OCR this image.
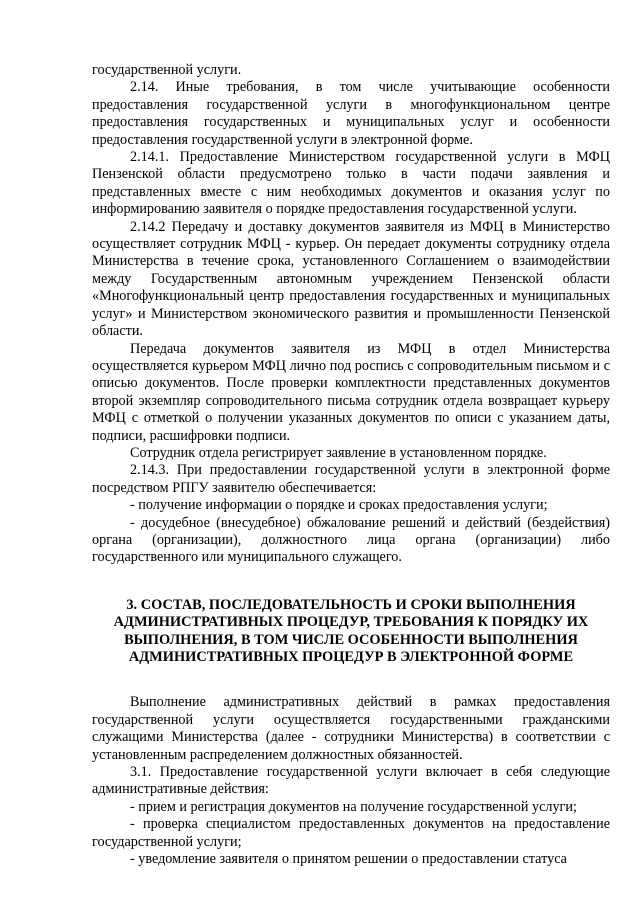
государственной услуги.

2.14. Иные требования, в том числе учитывающие особенности предоставления государственной услуги в многофункциональном центре предоставления государственных и муниципальных услуг и особенности предоставления государственной услуги в электронной форме.

2.14.1. Предоставление Министерством государственной услуги в МФЦ Пензенской области предусмотрено только в части подачи заявления и представленных вместе с ним необходимых документов и оказания услуг по информированию заявителя о порядке предоставления государственной услуги.

2.14.2 Передачу и доставку документов заявителя из МФЦ в Министерство осуществляет сотрудник МФЦ - курьер. Он передает документы сотруднику отдела Министерства в течение срока, установленного Соглашением о взаимодействии между Государственным автономным учреждением Пензенской области «Многофункциональный центр предоставления государственных и муниципальных услуг» и Министерством экономического развития и промышленности Пензенской области.

Передача документов заявителя из МФЦ в отдел Министерства осуществляется курьером МФЦ лично под роспись с сопроводительным письмом и с описью документов. После проверки комплектности представленных документов второй экземпляр сопроводительного письма сотрудник отдела возвращает курьеру МФЦ с отметкой о получении указанных документов по описи с указанием даты, подписи, расшифровки подписи.

Сотрудник отдела регистрирует заявление в установленном порядке.

2.14.3. При предоставлении государственной услуги в электронной форме посредством РПГУ заявителю обеспечивается:

- получение информации о порядке и сроках предоставления услуги;

- досудебное (внесудебное) обжалование решений и действий (бездействия) органа (организации), должностного лица органа (организации) либо государственного или муниципального служащего.

3. СОСТАВ, ПОСЛЕДОВАТЕЛЬНОСТЬ И СРОКИ ВЫПОЛНЕНИЯ АДМИНИСТРАТИВНЫХ ПРОЦЕДУР, ТРЕБОВАНИЯ К ПОРЯДКУ ИХ ВЫПОЛНЕНИЯ, В ТОМ ЧИСЛЕ ОСОБЕННОСТИ ВЫПОЛНЕНИЯ АДМИНИСТРАТИВНЫХ ПРОЦЕДУР В ЭЛЕКТРОННОЙ ФОРМЕ

Выполнение административных действий в рамках предоставления государственной услуги осуществляется государственными гражданскими служащими Министерства (далее - сотрудники Министерства) в соответствии с установленным распределением должностных обязанностей.

3.1. Предоставление государственной услуги включает в себя следующие административные действия:

- прием и регистрация документов на получение государственной услуги;

- проверка специалистом предоставленных документов на предоставление государственной услуги;

- уведомление заявителя о принятом решении о предоставлении статуса
